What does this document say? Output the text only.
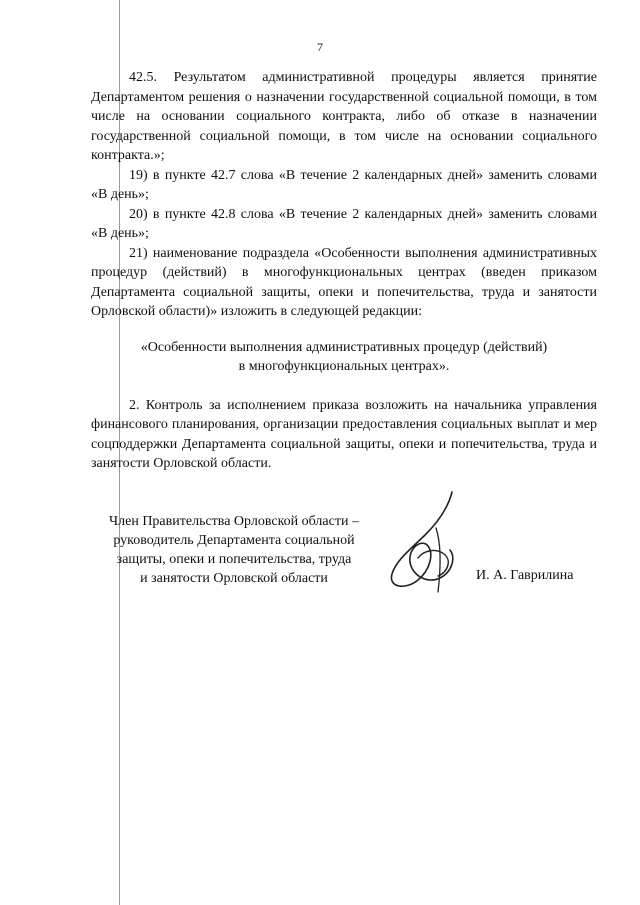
7

42.5. Результатом административной процедуры является принятие Департаментом решения о назначении государственной социальной помощи, в том числе на основании социального контракта, либо об отказе в назначении государственной социальной помощи, в том числе на основании социального контракта.»;

19) в пункте 42.7 слова «В течение 2 календарных дней» заменить словами «В день»;

20) в пункте 42.8 слова «В течение 2 календарных дней» заменить словами «В день»;

21) наименование подраздела «Особенности выполнения административных процедур (действий) в многофункциональных центрах (введен приказом Департамента социальной защиты, опеки и попечительства, труда и занятости Орловской области)» изложить в следующей редакции:

«Особенности выполнения административных процедур (действий)
в многофункциональных центрах».

2. Контроль за исполнением приказа возложить на начальника управления финансового планирования, организации предоставления социальных выплат и мер соцподдержки Департамента социальной защиты, опеки и попечительства, труда и занятости Орловской области.

Член Правительства Орловской области –
руководитель Департамента социальной
защиты, опеки и попечительства, труда
и занятости Орловской области	И. А. Гаврилина
